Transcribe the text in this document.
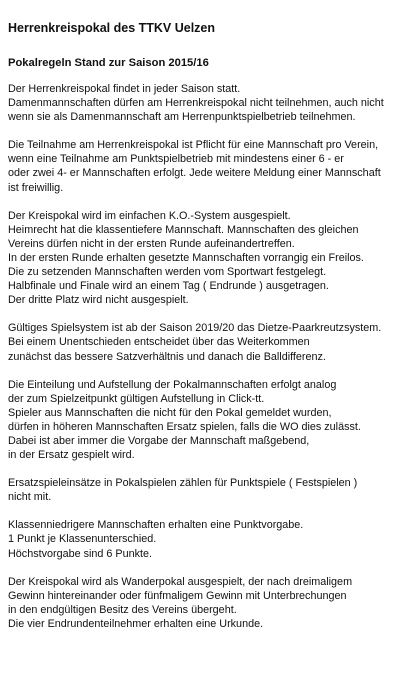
Herrenkreispokal des TTKV Uelzen
Pokalregeln Stand zur Saison 2015/16
Der Herrenkreispokal findet in jeder Saison statt.
Damenmannschaften dürfen am Herrenkreispokal nicht teilnehmen, auch nicht
wenn sie als Damenmannschaft am Herrenpunktspielbetrieb teilnehmen.
Die Teilnahme am Herrenkreispokal ist Pflicht für eine Mannschaft pro Verein,
wenn eine Teilnahme am Punktspielbetrieb mit mindestens einer 6 - er
oder zwei 4- er Mannschaften erfolgt. Jede weitere Meldung einer Mannschaft
ist freiwillig.
Der Kreispokal wird im einfachen K.O.-System ausgespielt.
Heimrecht hat die klassentiefere Mannschaft. Mannschaften des gleichen
Vereins dürfen nicht in der ersten Runde aufeinandertreffen.
In der ersten Runde erhalten gesetzte Mannschaften vorrangig ein Freilos.
Die zu setzenden Mannschaften werden vom Sportwart festgelegt.
Halbfinale und Finale wird an einem Tag ( Endrunde ) ausgetragen.
Der dritte Platz wird nicht ausgespielt.
Gültiges Spielsystem ist ab der Saison 2019/20 das Dietze-Paarkreutzsystem.
Bei einem Unentschieden entscheidet über das Weiterkommen
zunächst das bessere Satzverhältnis und danach die Balldifferenz.
Die Einteilung und Aufstellung der Pokalmannschaften erfolgt analog
der zum Spielzeitpunkt gültigen Aufstellung in Click-tt.
Spieler aus Mannschaften die nicht für den Pokal gemeldet wurden,
dürfen in höheren Mannschaften Ersatz spielen, falls die WO dies zulässt.
Dabei ist aber immer die Vorgabe der Mannschaft maßgebend,
in der Ersatz gespielt wird.
Ersatzspieleinsätze in Pokalspielen zählen für Punktspiele ( Festspielen )
nicht mit.
Klassenniedrigere Mannschaften erhalten eine Punktvorgabe.
1 Punkt je Klassenunterschied.
Höchstvorgabe sind 6 Punkte.
Der Kreispokal wird als Wanderpokal ausgespielt, der nach dreimaligem
Gewinn hintereinander oder fünfmaligem Gewinn mit Unterbrechungen
in den endgültigen Besitz des Vereins übergeht.
Die vier Endrundenteilnehmer erhalten eine Urkunde.
